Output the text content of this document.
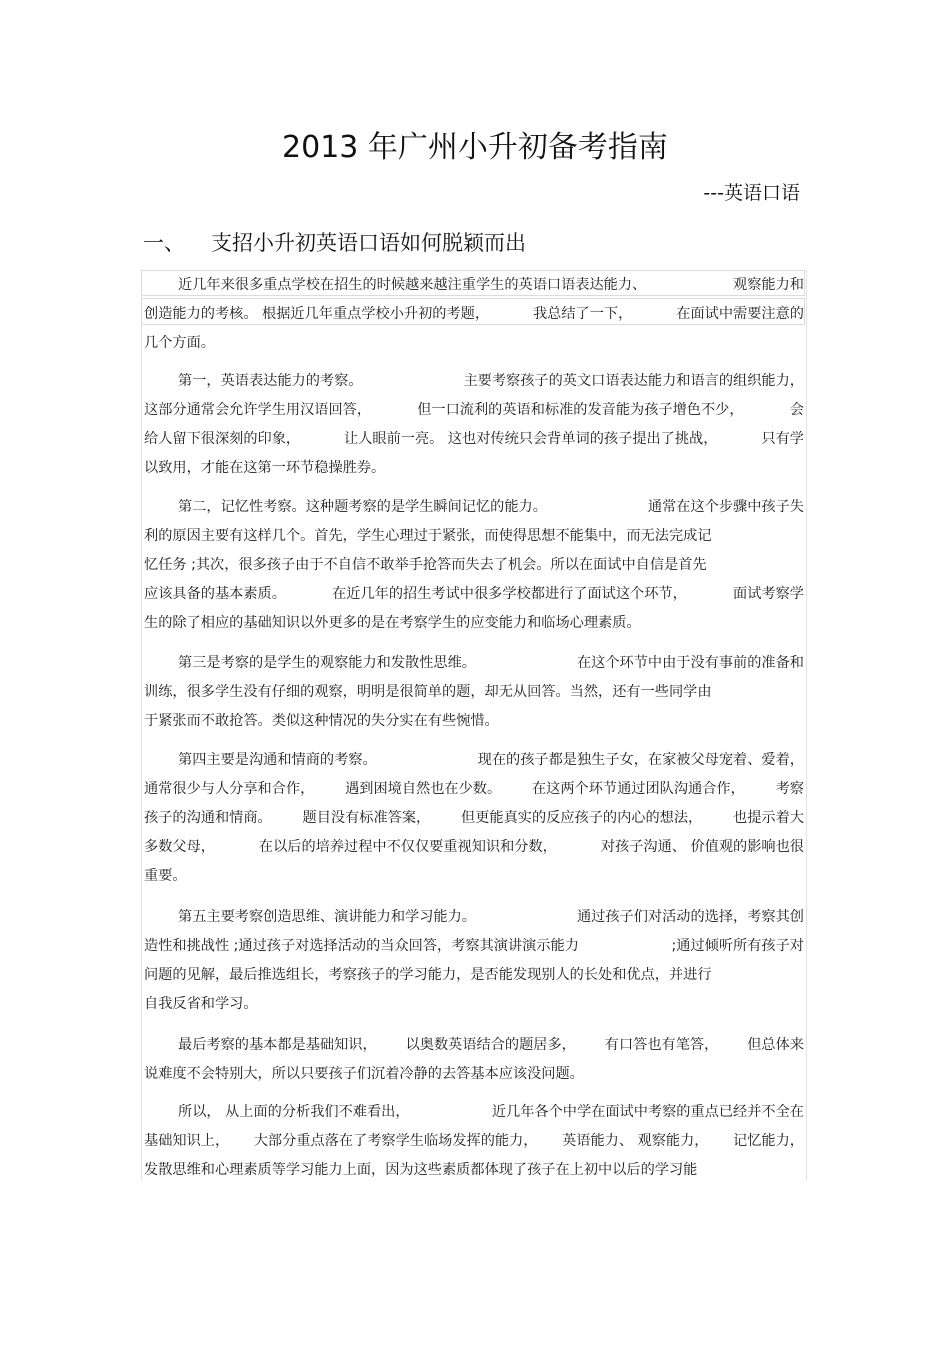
2013 年广州小升初备考指南
---英语口语
一、 支招小升初英语口语如何脱颖而出
近几年来很多重点学校在招生的时候越来越注重学生的英语口语表达能力、	观察能力和
创造能力的考核。 根据近几年重点学校小升初的考题，	我总结了一下，	在面试中需要注意的
几个方面。
第一，英语表达能力的考察。	主要考察孩子的英文口语表达能力和语言的组织能力，
这部分通常会允许学生用汉语回答，	但一口流利的英语和标准的发音能为孩子增色不少，	会
给人留下很深刻的印象，	让人眼前一亮。 这也对传统只会背单词的孩子提出了挑战，	只有学
以致用，才能在这第一环节稳操胜券。
第二，记忆性考察。这种题考察的是学生瞬间记忆的能力。	通常在这个步骤中孩子失
利的原因主要有这样几个。首先，学生心理过于紧张，而使得思想不能集中，而无法完成记
忆任务 ;其次，很多孩子由于不自信不敢举手抢答而失去了机会。所以在面试中自信是首先
应该具备的基本素质。	在近几年的招生考试中很多学校都进行了面试这个环节，	面试考察学
生的除了相应的基础知识以外更多的是在考察学生的应变能力和临场心理素质。
第三是考察的是学生的观察能力和发散性思维。	在这个环节中由于没有事前的准备和
训练，很多学生没有仔细的观察，明明是很简单的题，却无从回答。当然，还有一些同学由
于紧张而不敢抢答。类似这种情况的失分实在有些惋惜。
第四主要是沟通和情商的考察。	现在的孩子都是独生子女，在家被父母宠着、爱着，
通常很少与人分享和合作， 遇到困境自然也在少数。 在这两个环节通过团队沟通合作， 考察
孩子的沟通和情商。 题目没有标准答案， 但更能真实的反应孩子的内心的想法， 也提示着大
多数父母，	在以后的培养过程中不仅仅要重视知识和分数，	对孩子沟通、 价值观的影响也很
重要。
第五主要考察创造思维、演讲能力和学习能力。	通过孩子们对活动的选择，考察其创
造性和挑战性 ;通过孩子对选择活动的当众回答，考察其演讲演示能力	;通过倾听所有孩子对
问题的见解，最后推选组长，考察孩子的学习能力，是否能发现别人的长处和优点，并进行
自我反省和学习。
最后考察的基本都是基础知识， 以奥数英语结合的题居多， 有口答也有笔答， 但总体来
说难度不会特别大，所以只要孩子们沉着冷静的去答基本应该没问题。
所以， 从上面的分析我们不难看出，	近几年各个中学在面试中考察的重点已经并不全在
基础知识上， 大部分重点落在了考察学生临场发挥的能力， 英语能力、 观察能力， 记忆能力，
发散思维和心理素质等学习能力上面，因为这些素质都体现了孩子在上初中以后的学习能
